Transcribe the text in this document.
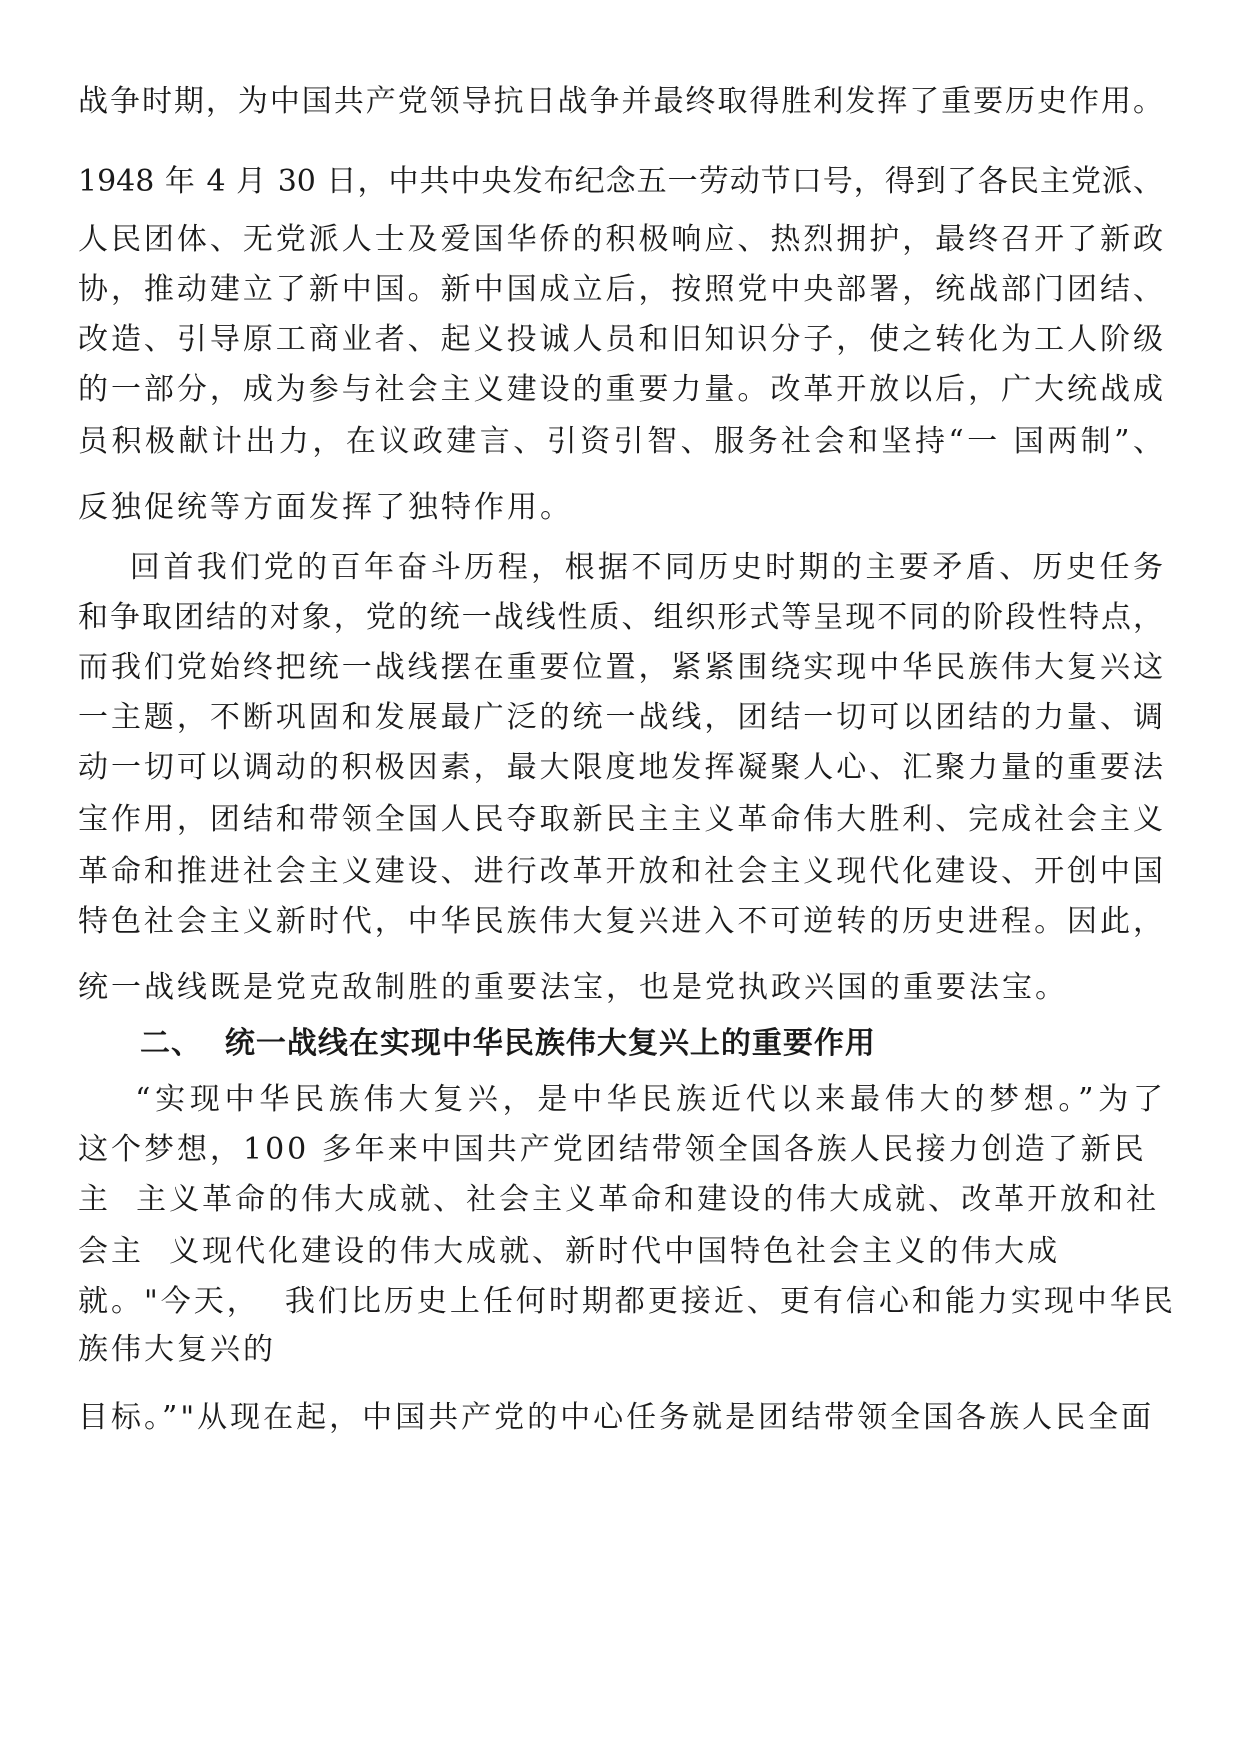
战争时期，为中国共产党领导抗日战争并最终取得胜利发挥了重要历史作用。
1948 年 4 月 30 日，中共中央发布纪念五一劳动节口号，得到了各民主党派、
人民团体、无党派人士及爱国华侨的积极响应、热烈拥护，最终召开了新政
协，推动建立了新中国。新中国成立后，按照党中央部署，统战部门团结、
改造、引导原工商业者、起义投诚人员和旧知识分子，使之转化为工人阶级
的一部分，成为参与社会主义建设的重要力量。改革开放以后，广大统战成
员积极献计出力，在议政建言、引资引智、服务社会和坚持“一 国两制”、
反独促统等方面发挥了独特作用。
回首我们党的百年奋斗历程，根据不同历史时期的主要矛盾、历史任务
和争取团结的对象，党的统一战线性质、组织形式等呈现不同的阶段性特点，
而我们党始终把统一战线摆在重要位置，紧紧围绕实现中华民族伟大复兴这
一主题，不断巩固和发展最广泛的统一战线，团结一切可以团结的力量、调
动一切可以调动的积极因素，最大限度地发挥凝聚人心、汇聚力量的重要法
宝作用，团结和带领全国人民夺取新民主主义革命伟大胜利、完成社会主义
革命和推进社会主义建设、进行改革开放和社会主义现代化建设、开创中国
特色社会主义新时代，中华民族伟大复兴进入不可逆转的历史进程。因此，
统一战线既是党克敌制胜的重要法宝，也是党执政兴国的重要法宝。
二、  统一战线在实现中华民族伟大复兴上的重要作用
“实现中华民族伟大复兴，是中华民族近代以来最伟大的梦想。”为了
这个梦想，100 多年来中国共产党团结带领全国各族人民接力创造了新民
主  主义革命的伟大成就、社会主义革命和建设的伟大成就、改革开放和社
会主  义现代化建设的伟大成就、新时代中国特色社会主义的伟大成
就。"今天，  我们比历史上任何时期都更接近、更有信心和能力实现中华民
族伟大复兴的
目标。”"从现在起，中国共产党的中心任务就是团结带领全国各族人民全面
